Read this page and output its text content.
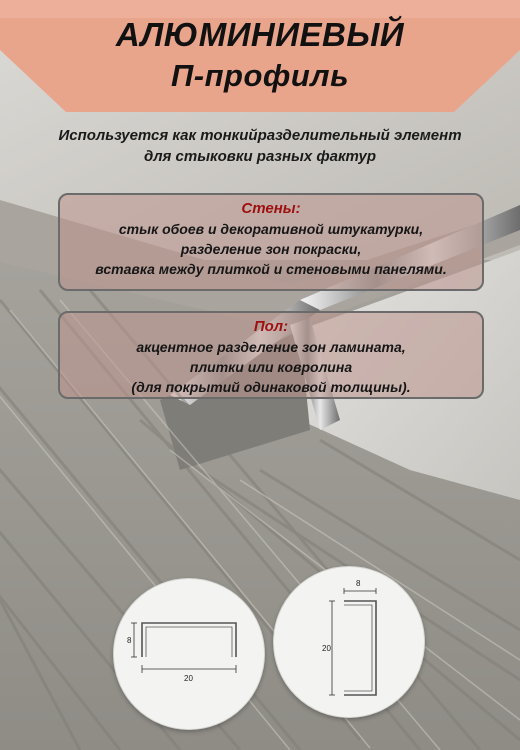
АЛЮМИНИЕВЫЙ
П-профиль
Используется как тонкийразделительный элемент
для стыковки разных фактур
Стены:
стык обоев и декоративной штукатурки,
разделение зон покраски,
вставка между плиткой и стеновыми панелями.
Пол:
акцентное разделение зон ламината,
плитки или ковролина
(для покрытий одинаковой толщины).
8
20
8
20
